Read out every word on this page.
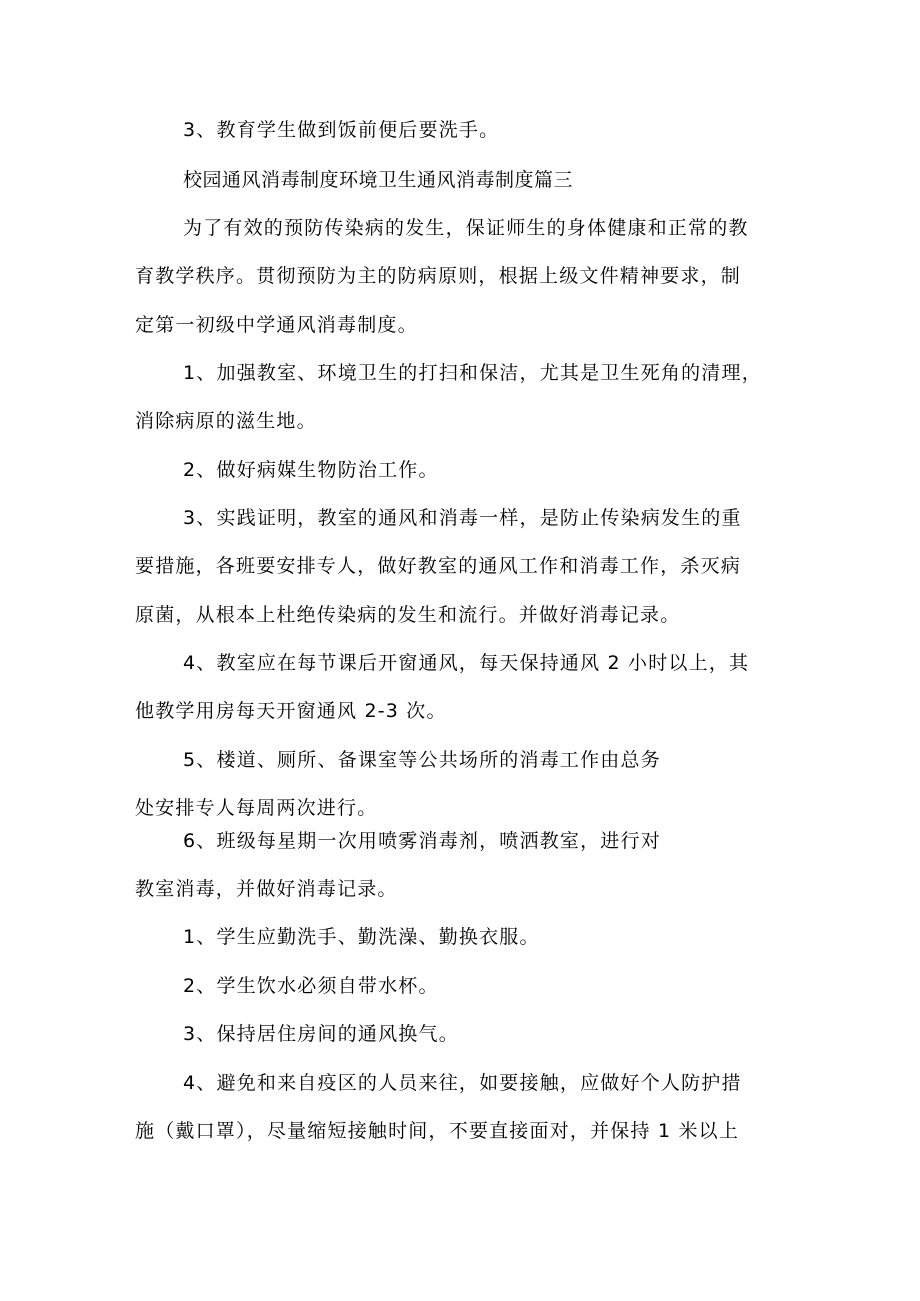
3、教育学生做到饭前便后要洗手。
校园通风消毒制度环境卫生通风消毒制度篇三
为了有效的预防传染病的发生，保证师生的身体健康和正常的教
育教学秩序。贯彻预防为主的防病原则，根据上级文件精神要求，制
定第一初级中学通风消毒制度。
1、加强教室、环境卫生的打扫和保洁，尤其是卫生死角的清理，
消除病原的滋生地。
2、做好病媒生物防治工作。
3、实践证明，教室的通风和消毒一样，是防止传染病发生的重
要措施，各班要安排专人，做好教室的通风工作和消毒工作，杀灭病
原菌，从根本上杜绝传染病的发生和流行。并做好消毒记录。
4、教室应在每节课后开窗通风，每天保持通风 2 小时以上，其
他教学用房每天开窗通风 2-3 次。
5、楼道、厕所、备课室等公共场所的消毒工作由总务
处安排专人每周两次进行。
6、班级每星期一次用喷雾消毒剂，喷洒教室，进行对
教室消毒，并做好消毒记录。
1、学生应勤洗手、勤洗澡、勤换衣服。
2、学生饮水必须自带水杯。
3、保持居住房间的通风换气。
4、避免和来自疫区的人员来往，如要接触，应做好个人防护措
施（戴口罩），尽量缩短接触时间，不要直接面对，并保持 1 米以上
